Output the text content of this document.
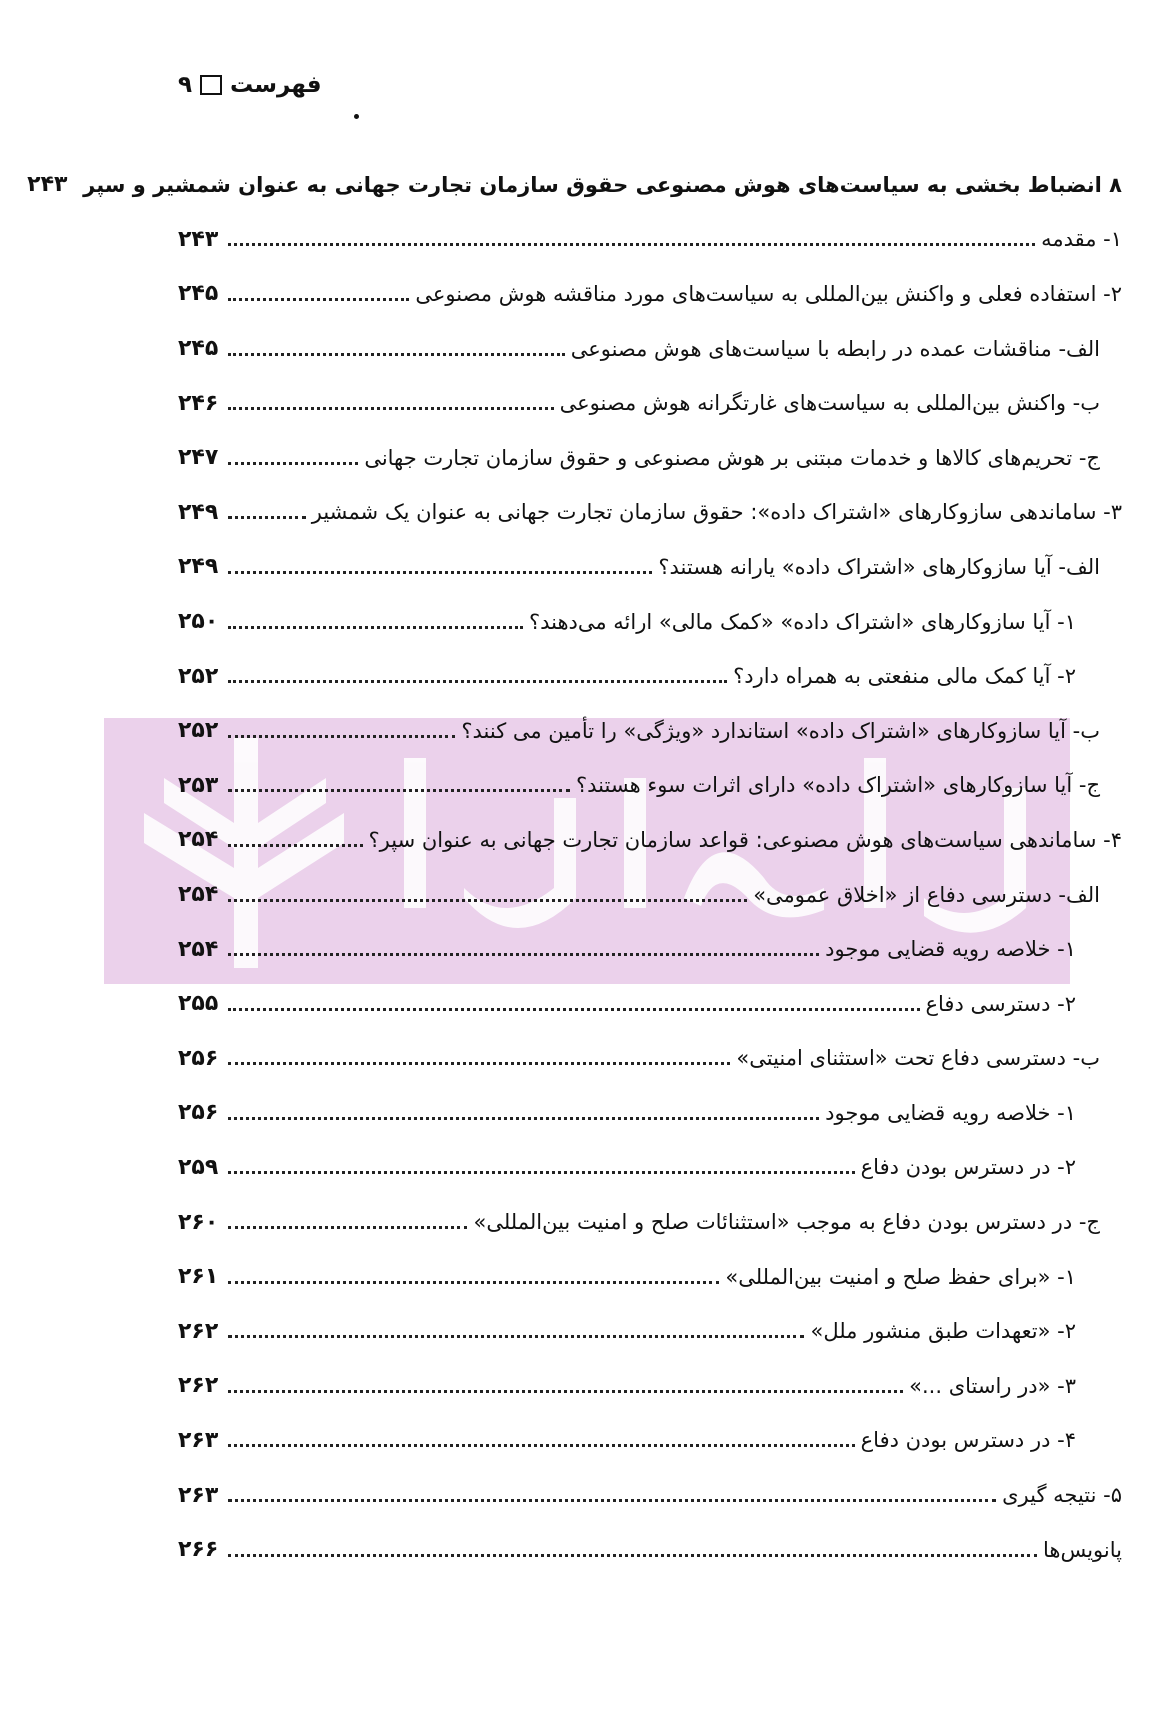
فهرست
۹
۸ انضباط بخشی به سیاست‌های هوش مصنوعی حقوق سازمان تجارت جهانی به عنوان شمشیر و سپر
۲۴۳
۱- مقدمه
۲۴۳
۲- استفاده فعلی و واکنش بین‌المللی به سیاست‌های مورد مناقشه هوش مصنوعی
۲۴۵
الف- مناقشات عمده در رابطه با سیاست‌های هوش مصنوعی
۲۴۵
ب- واکنش بین‌المللی به سیاست‌های غارتگرانه هوش مصنوعی
۲۴۶
ج- تحریم‌های کالاها و خدمات مبتنی بر هوش مصنوعی و حقوق سازمان تجارت جهانی
۲۴۷
۳- ساماندهی سازوکارهای «اشتراک داده»: حقوق سازمان تجارت جهانی به عنوان یک شمشیر
۲۴۹
الف- آیا سازوکارهای «اشتراک داده» یارانه هستند؟
۲۴۹
۱- آیا سازوکارهای «اشتراک داده» «کمک مالی» ارائه می‌دهند؟
۲۵۰
۲- آیا کمک مالی منفعتی به همراه دارد؟
۲۵۲
ب- آیا سازوکارهای «اشتراک داده» استاندارد «ویژگی» را تأمین می کنند؟
۲۵۲
ج- آیا سازوکارهای «اشتراک داده» دارای اثرات سوء هستند؟
۲۵۳
۴- ساماندهی سیاست‌های هوش مصنوعی: قواعد سازمان تجارت جهانی به عنوان سپر؟
۲۵۴
الف- دسترسی دفاع از «اخلاق عمومی»
۲۵۴
۱- خلاصه رویه قضایی موجود
۲۵۴
۲- دسترسی دفاع
۲۵۵
ب- دسترسی دفاع تحت «استثنای امنیتی»
۲۵۶
۱- خلاصه رویه قضایی موجود
۲۵۶
۲- در دسترس بودن دفاع
۲۵۹
ج- در دسترس بودن دفاع به موجب «استثنائات صلح و امنیت بین‌المللی»
۲۶۰
۱- «برای حفظ صلح و امنیت بین‌المللی»
۲۶۱
۲- «تعهدات طبق منشور ملل»
۲۶۲
۳- «در راستای ...»
۲۶۲
۴- در دسترس بودن دفاع
۲۶۳
۵- نتیجه گیری
۲۶۳
پانویس‌ها
۲۶۶
